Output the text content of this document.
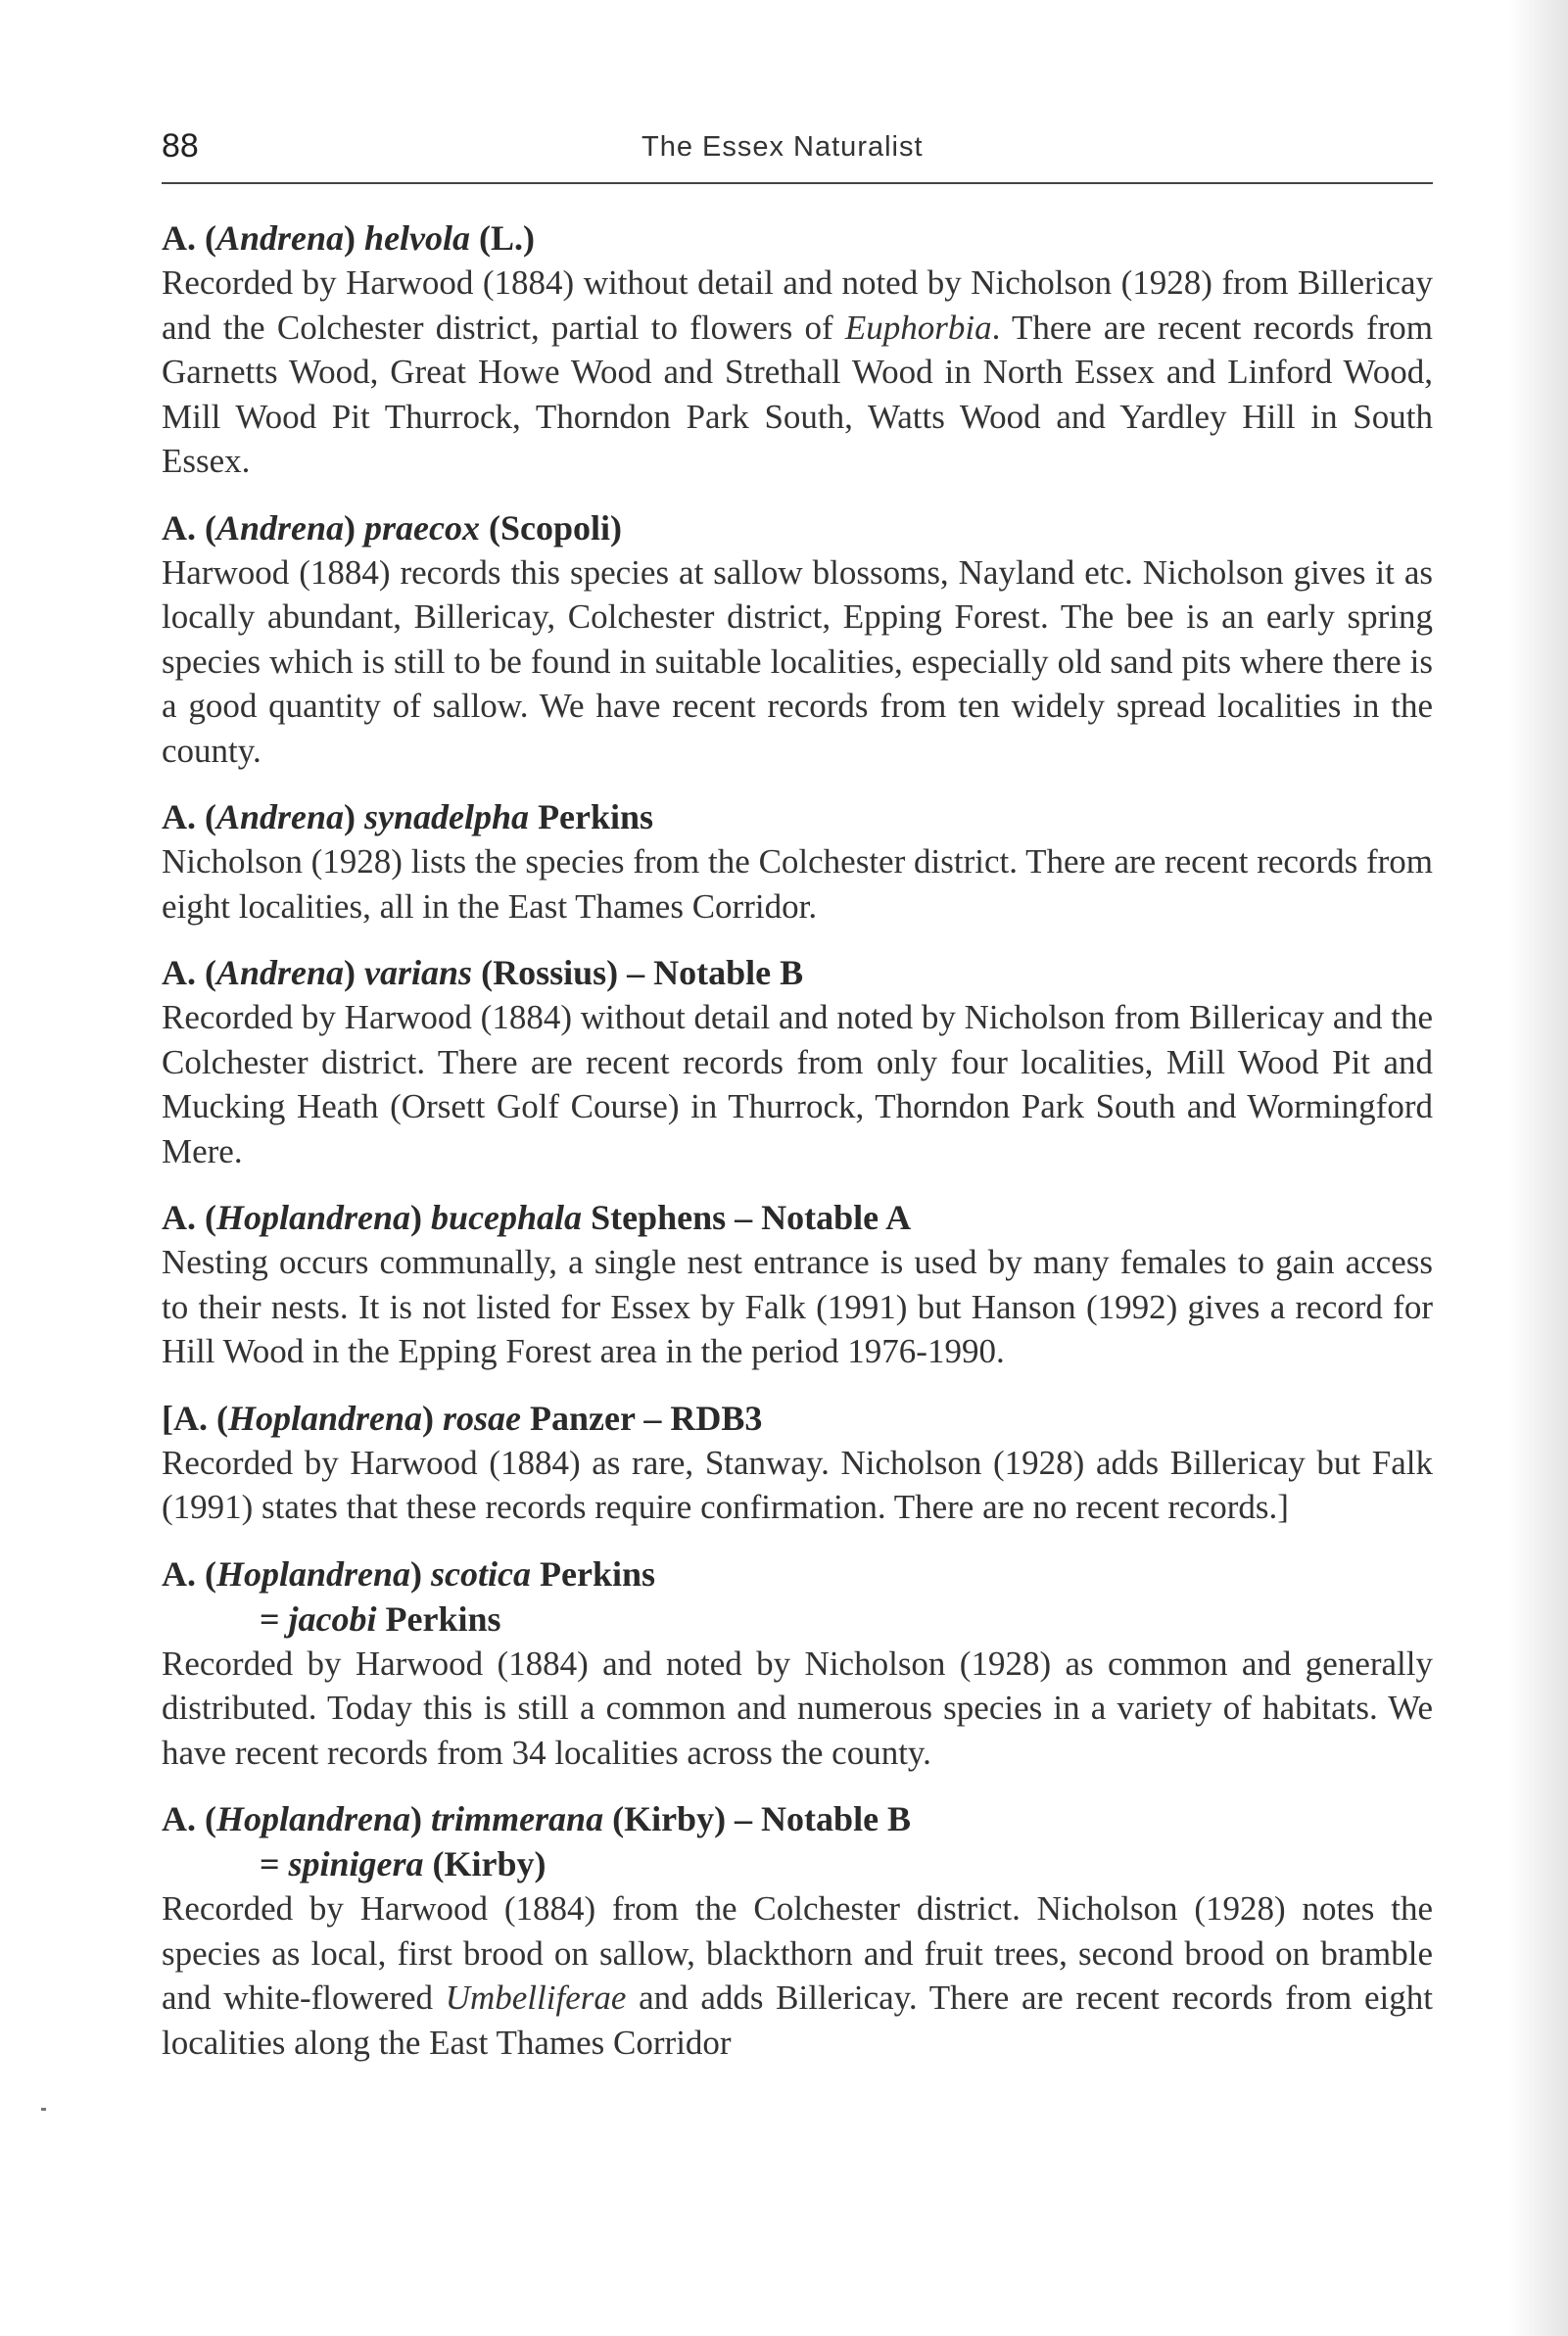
88	The Essex Naturalist
A. (Andrena) helvola (L.)
Recorded by Harwood (1884) without detail and noted by Nicholson (1928) from Billericay and the Colchester district, partial to flowers of Euphorbia. There are recent records from Garnetts Wood, Great Howe Wood and Strethall Wood in North Essex and Linford Wood, Mill Wood Pit Thurrock, Thorndon Park South, Watts Wood and Yardley Hill in South Essex.
A. (Andrena) praecox (Scopoli)
Harwood (1884) records this species at sallow blossoms, Nayland etc. Nicholson gives it as locally abundant, Billericay, Colchester district, Epping Forest. The bee is an early spring species which is still to be found in suitable localities, especially old sand pits where there is a good quantity of sallow. We have recent records from ten widely spread localities in the county.
A. (Andrena) synadelpha Perkins
Nicholson (1928) lists the species from the Colchester district. There are recent records from eight localities, all in the East Thames Corridor.
A. (Andrena) varians (Rossius) – Notable B
Recorded by Harwood (1884) without detail and noted by Nicholson from Billericay and the Colchester district. There are recent records from only four localities, Mill Wood Pit and Mucking Heath (Orsett Golf Course) in Thurrock, Thorndon Park South and Wormingford Mere.
A. (Hoplandrena) bucephala Stephens – Notable A
Nesting occurs communally, a single nest entrance is used by many females to gain access to their nests. It is not listed for Essex by Falk (1991) but Hanson (1992) gives a record for Hill Wood in the Epping Forest area in the period 1976-1990.
[A. (Hoplandrena) rosae Panzer – RDB3
Recorded by Harwood (1884) as rare, Stanway. Nicholson (1928) adds Billericay but Falk (1991) states that these records require confirmation. There are no recent records.]
A. (Hoplandrena) scotica Perkins
= jacobi Perkins
Recorded by Harwood (1884) and noted by Nicholson (1928) as common and generally distributed. Today this is still a common and numerous species in a variety of habitats. We have recent records from 34 localities across the county.
A. (Hoplandrena) trimmerana (Kirby) – Notable B
= spinigera (Kirby)
Recorded by Harwood (1884) from the Colchester district. Nicholson (1928) notes the species as local, first brood on sallow, blackthorn and fruit trees, second brood on bramble and white-flowered Umbelliferae and adds Billericay. There are recent records from eight localities along the East Thames Corridor
